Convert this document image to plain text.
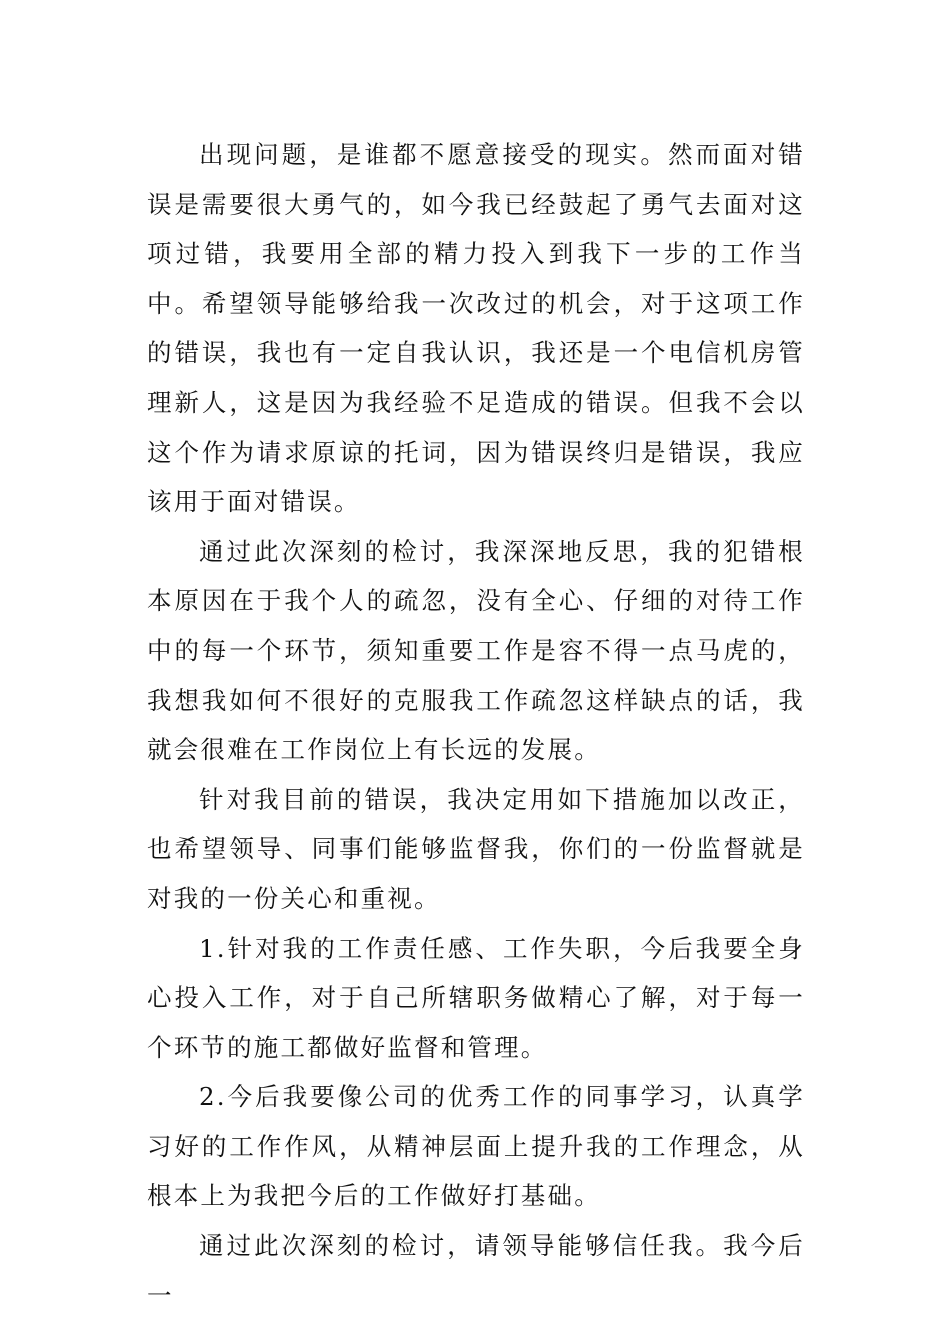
出现问题，是谁都不愿意接受的现实。然而面对错误是需要很大勇气的，如今我已经鼓起了勇气去面对这项过错，我要用全部的精力投入到我下一步的工作当中。希望领导能够给我一次改过的机会，对于这项工作的错误，我也有一定自我认识，我还是一个电信机房管理新人，这是因为我经验不足造成的错误。但我不会以这个作为请求原谅的托词，因为错误终归是错误，我应该用于面对错误。

通过此次深刻的检讨，我深深地反思，我的犯错根本原因在于我个人的疏忽，没有全心、仔细的对待工作中的每一个环节，须知重要工作是容不得一点马虎的，我想我如何不很好的克服我工作疏忽这样缺点的话，我就会很难在工作岗位上有长远的发展。

针对我目前的错误，我决定用如下措施加以改正，也希望领导、同事们能够监督我，你们的一份监督就是对我的一份关心和重视。

1.针对我的工作责任感、工作失职，今后我要全身心投入工作，对于自己所辖职务做精心了解，对于每一个环节的施工都做好监督和管理。

2.今后我要像公司的优秀工作的同事学习，认真学习好的工作作风，从精神层面上提升我的工作理念，从根本上为我把今后的工作做好打基础。

通过此次深刻的检讨，请领导能够信任我。我今后一
